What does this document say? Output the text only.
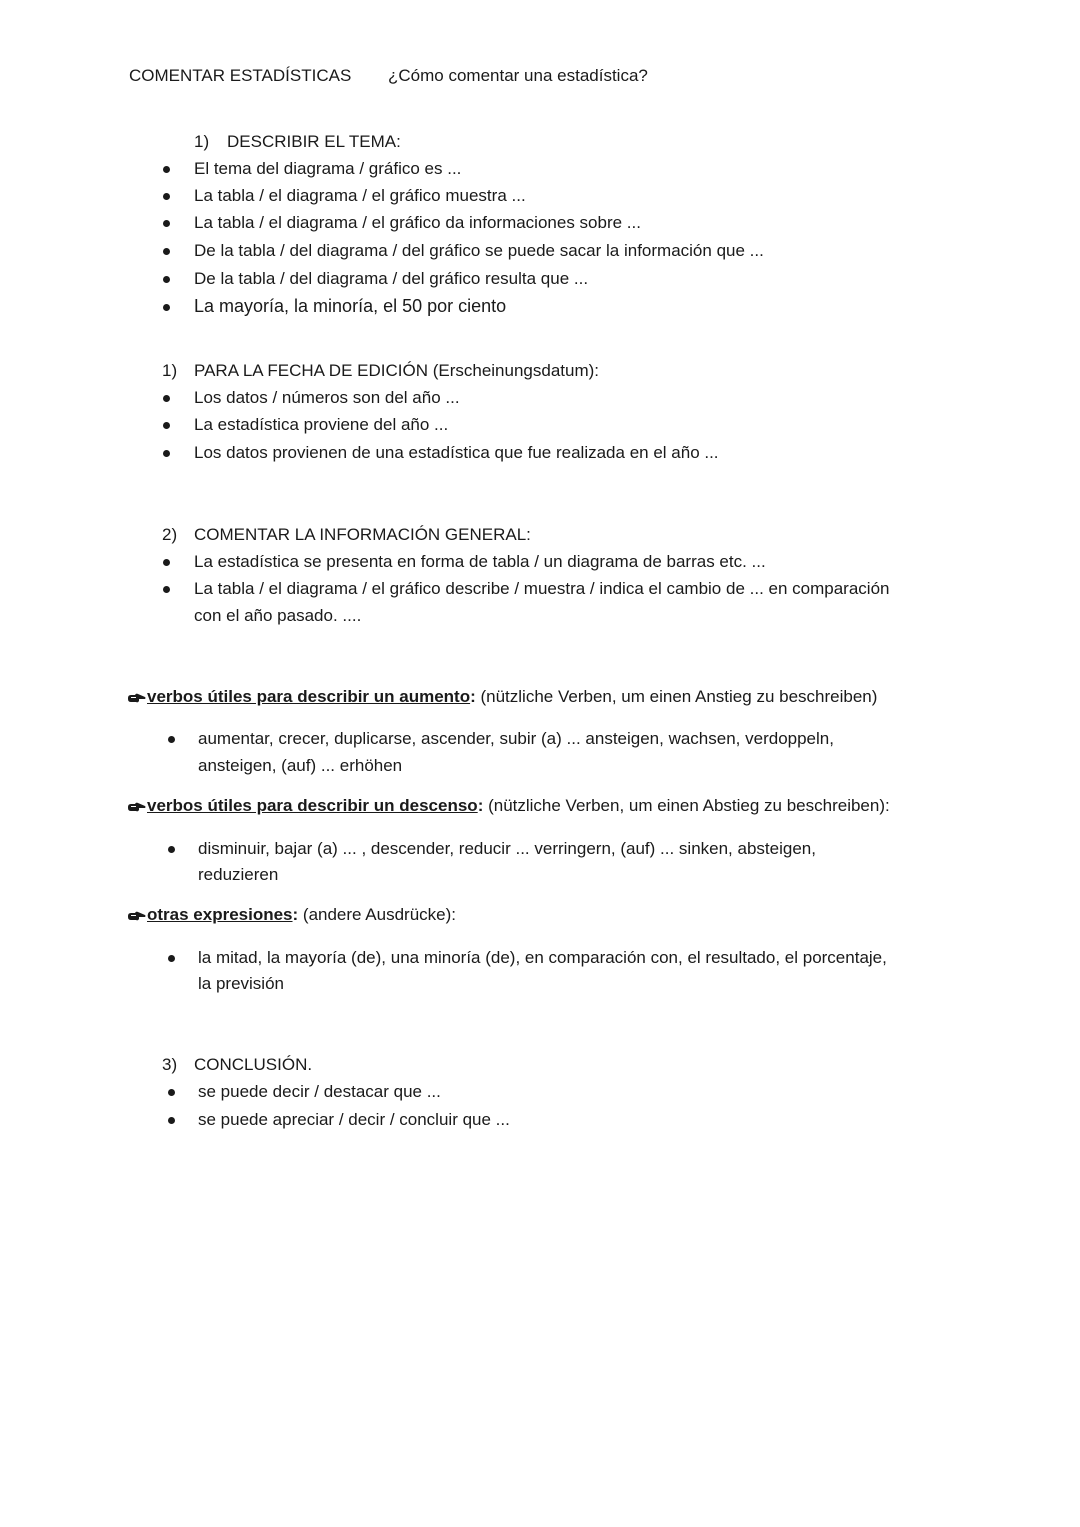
COMENTAR ESTADÍSTICAS ¿Cómo comentar una estadística?
1) DESCRIBIR EL TEMA:
El tema del diagrama / gráfico es ...
La tabla / el diagrama / el gráfico muestra ...
La tabla / el diagrama / el gráfico da informaciones sobre ...
De la tabla / del diagrama / del gráfico se puede sacar la información que ...
De la tabla / del diagrama / del gráfico resulta que ...
La mayoría, la minoría, el 50 por ciento
1) PARA LA FECHA DE EDICIÓN (Erscheinungsdatum):
Los datos / números son del año ...
La estadística proviene del año ...
Los datos provienen de una estadística que fue realizada en el año ...
2) COMENTAR LA INFORMACIÓN GENERAL:
La estadística se presenta en forma de tabla / un diagrama de barras etc. ...
La tabla / el diagrama / el gráfico describe / muestra / indica el cambio de ... en comparación
con el año pasado. ....
verbos útiles para describir un aumento: (nützliche Verben, um einen Anstieg zu beschreiben)
aumentar, crecer, duplicarse, ascender, subir (a) ... ansteigen, wachsen, verdoppeln,
ansteigen, (auf) ... erhöhen
verbos útiles para describir un descenso: (nützliche Verben, um einen Abstieg zu beschreiben):
disminuir, bajar (a) ... , descender, reducir ... verringern, (auf) ... sinken, absteigen,
reduzieren
otras expresiones: (andere Ausdrücke):
la mitad, la mayoría (de), una minoría (de), en comparación con, el resultado, el porcentaje,
la previsión
3) CONCLUSIÓN.
se puede decir / destacar que ...
se puede apreciar / decir / concluir que ...
